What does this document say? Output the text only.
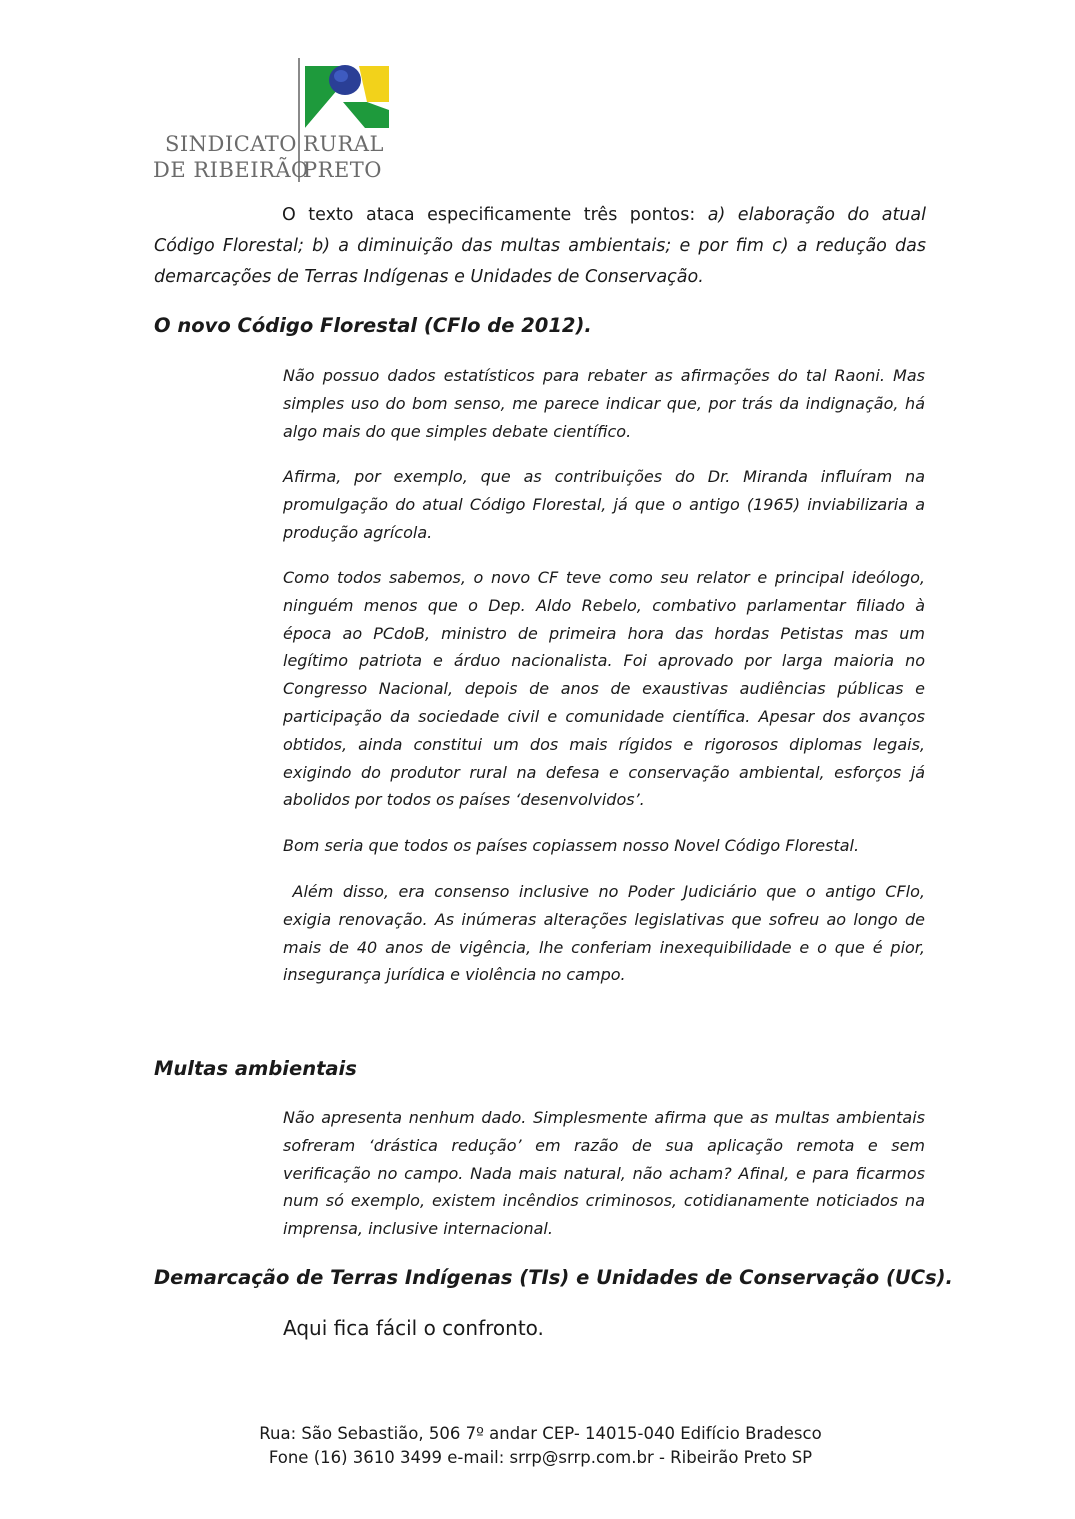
SINDICATO RURAL
DE RIBEIRÃOPRETO

O texto ataca especificamente três pontos: a) elaboração do atual Código Florestal; b) a diminuição das multas ambientais; e por fim c) a redução das demarcações de Terras Indígenas e Unidades de Conservação.

O novo Código Florestal (CFlo de 2012).

Não possuo dados estatísticos para rebater as afirmações do tal Raoni. Mas simples uso do bom senso, me parece indicar que, por trás da indignação, há algo mais do que simples debate científico.

Afirma, por exemplo, que as contribuições do Dr. Miranda influíram na promulgação do atual Código Florestal, já que o antigo (1965) inviabilizaria a produção agrícola.

Como todos sabemos, o novo CF teve como seu relator e principal ideólogo, ninguém menos que o Dep. Aldo Rebelo, combativo parlamentar filiado à época ao PCdoB, ministro de primeira hora das hordas Petistas mas um legítimo patriota e árduo nacionalista. Foi aprovado por larga maioria no Congresso Nacional, depois de anos de exaustivas audiências públicas e participação da sociedade civil e comunidade científica. Apesar dos avanços obtidos, ainda constitui um dos mais rígidos e rigorosos diplomas legais, exigindo do produtor rural na defesa e conservação ambiental, esforços já abolidos por todos os países ‘desenvolvidos’.

Bom seria que todos os países copiassem nosso Novel Código Florestal.

Além disso, era consenso inclusive no Poder Judiciário que o antigo CFlo, exigia renovação. As inúmeras alterações legislativas que sofreu ao longo de mais de 40 anos de vigência, lhe conferiam inexequibilidade e o que é pior, insegurança jurídica e violência no campo.

Multas ambientais

Não apresenta nenhum dado. Simplesmente afirma que as multas ambientais sofreram ‘drástica redução’ em razão de sua aplicação remota e sem verificação no campo. Nada mais natural, não acham? Afinal, e para ficarmos num só exemplo, existem incêndios criminosos, cotidianamente noticiados na imprensa, inclusive internacional.

Demarcação de Terras Indígenas (TIs) e Unidades de Conservação (UCs).
Aqui fica fácil o confronto.
Rua: São Sebastião, 506 7º andar CEP- 14015-040 Edifício Bradesco
Fone (16) 3610 3499 e-mail: srrp@srrp.com.br - Ribeirão Preto SP
